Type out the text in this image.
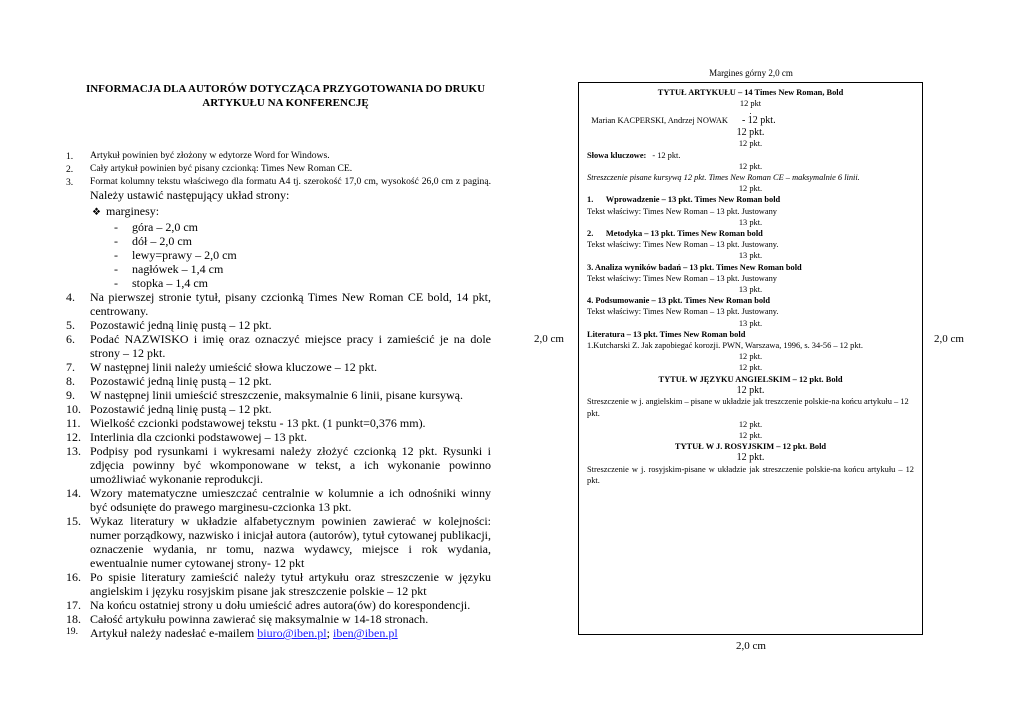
INFORMACJA DLA AUTORÓW DOTYCZĄCA PRZYGOTOWANIA DO DRUKU ARTYKUŁU NA KONFERENCJĘ
1. Artykuł powinien być złożony w edytorze Word for Windows.
2. Cały artykuł powinien być pisany czcionką: Times New Roman CE.
3. Format kolumny tekstu właściwego dla formatu A4 tj. szerokość 17,0 cm, wysokość 26,0 cm z paginą. Należy ustawić następujący układ strony:
❖ marginesy:
- góra – 2,0 cm
- dół – 2,0 cm
- lewy=prawy – 2,0 cm
- nagłówek – 1,4 cm
- stopka – 1,4 cm
4. Na pierwszej stronie tytuł, pisany czcionką Times New Roman CE bold, 14 pkt, centrowany.
5. Pozostawić jedną linię pustą – 12 pkt.
6. Podać NAZWISKO i imię oraz oznaczyć miejsce pracy i zamieścić je na dole strony – 12 pkt.
7. W następnej linii należy umieścić słowa kluczowe – 12 pkt.
8. Pozostawić jedną linię pustą – 12 pkt.
9. W następnej linii umieścić streszczenie, maksymalnie 6 linii, pisane kursywą.
10. Pozostawić jedną linię pustą – 12 pkt.
11. Wielkość czcionki podstawowej tekstu - 13 pkt. (1 punkt=0,376 mm).
12. Interlinia dla czcionki podstawowej – 13 pkt.
13. Podpisy pod rysunkami i wykresami należy złożyć czcionką 12 pkt. Rysunki i zdjęcia powinny być wkomponowane w tekst, a ich wykonanie powinno umożliwiać wykonanie reprodukcji.
14. Wzory matematyczne umieszczać centralnie w kolumnie a ich odnośniki winny być odsunięte do prawego marginesu-czcionka 13 pkt.
15. Wykaz literatury w układzie alfabetycznym powinien zawierać w kolejności: numer porządkowy, nazwisko i inicjał autora (autorów), tytuł cytowanej publikacji, oznaczenie wydania, nr tomu, nazwa wydawcy, miejsce i rok wydania, ewentualnie numer cytowanej strony- 12 pkt
16. Po spisie literatury zamieścić należy tytuł artykułu oraz streszczenie w języku angielskim i języku rosyjskim pisane jak streszczenie polskie – 12 pkt
17. Na końcu ostatniej strony u dołu umieścić adres autora(ów) do korespondencji.
18. Całość artykułu powinna zawierać się maksymalnie w 14-18 stronach.
19. Artykuł należy nadesłać e-mailem biuro@iben.pl; iben@iben.pl
Margines górny 2,0 cm
2,0 cm	2,0 cm
2,0 cm
TYTUŁ ARTYKUŁU – 14 Times New Roman, Bold
12 pkt
.
Marian KACPERSKI, Andrzej NOWAK - 12 pkt.
12 pkt.
12 pkt.
Słowa kluczowe: - 12 pkt.
12 pkt.
Streszczenie pisane kursywą 12 pkt. Times New Roman CE – maksymalnie 6 linii.
12 pkt.
1.      Wprowadzenie – 13 pkt. Times New Roman bold
Tekst właściwy: Times New Roman – 13 pkt. Justowany
13 pkt.
2.      Metodyka – 13 pkt. Times New Roman bold
Tekst właściwy: Times New Roman – 13 pkt. Justowany.
13 pkt.
3. Analiza wyników badań – 13 pkt. Times New Roman bold
Tekst właściwy: Times New Roman – 13 pkt. Justowany
13 pkt.
4. Podsumowanie – 13 pkt. Times New Roman bold
Tekst właściwy: Times New Roman – 13 pkt. Justowany.
13 pkt.
Literatura – 13 pkt. Times New Roman bold
1.Kutcharski Z. Jak zapobiegać korozji. PWN, Warszawa, 1996, s. 34-56 – 12 pkt.
12 pkt.
12 pkt.
TYTUŁ W JĘZYKU ANGIELSKIM – 12 pkt. Bold
12 pkt.
Streszczenie w j. angielskim – pisane w układzie jak treszczenie polskie-na końcu artykułu – 12 pkt.
12 pkt.
12 pkt.
TYTUŁ W J. ROSYJSKIM – 12 pkt. Bold
12 pkt.
Streszczenie w j. rosyjskim-pisane w układzie jak streszczenie polskie-na końcu artykułu – 12 pkt.
